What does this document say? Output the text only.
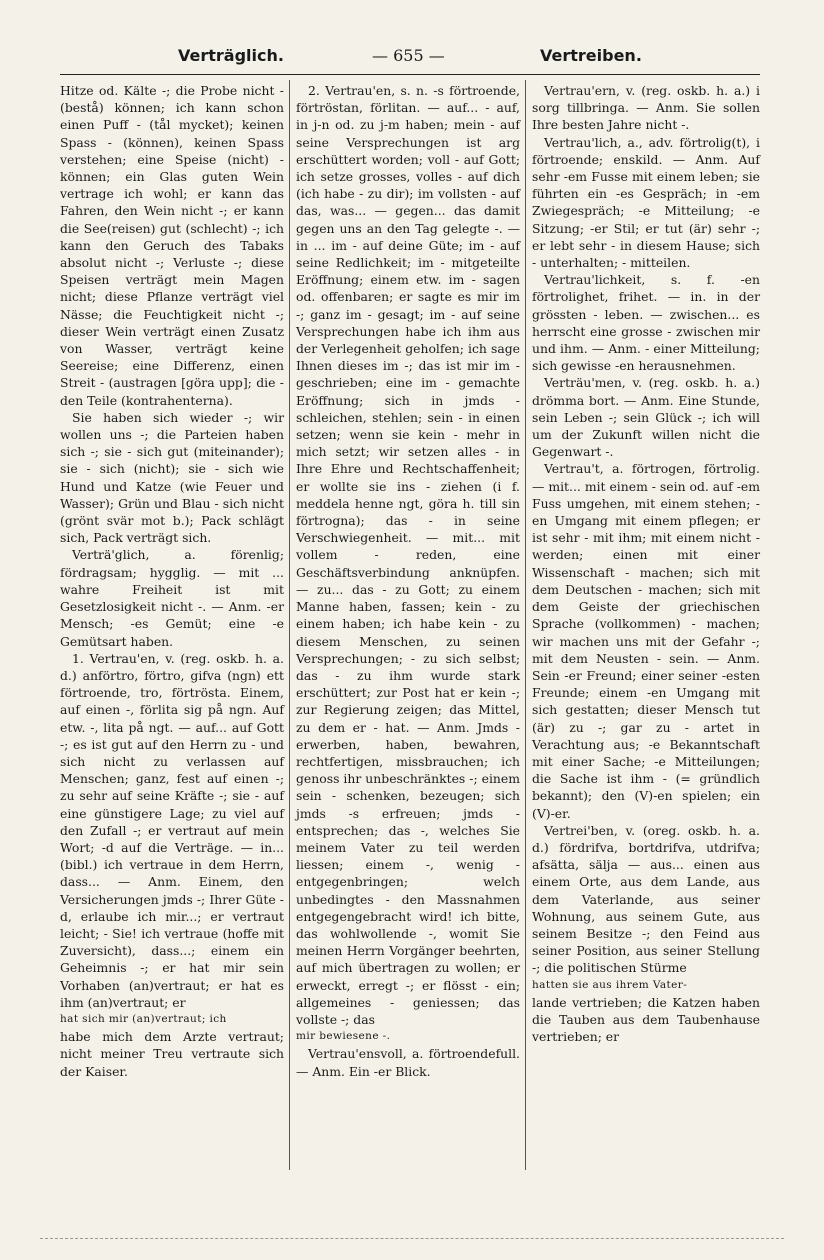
Verträglich.	— 655 —	Vertreiben.

Hitze od. Kälte -; die Probe nicht - (bestå) können; ich kann schon einen Puff - (tål mycket); keinen Spass - (können), keinen Spass verstehen; eine Speise (nicht) - können; ein Glas guten Wein vertrage ich wohl; er kann das Fahren, den Wein nicht -; er kann die See(reisen) gut (schlecht) -; ich kann den Geruch des Tabaks absolut nicht -; Verluste -; diese Speisen verträgt mein Magen nicht; diese Pflanze verträgt viel Nässe; die Feuchtigkeit nicht -; dieser Wein verträgt einen Zusatz von Wasser, verträgt keine Seereise; eine Differenz, einen Streit - (austragen [göra upp]; die -den Teile (kontrahenterna).

Sie haben sich wieder -; wir wollen uns -; die Parteien haben sich -; sie - sich gut (miteinander); sie - sich (nicht); sie - sich wie Hund und Katze (wie Feuer und Wasser); Grün und Blau - sich nicht (grönt svär mot b.); Pack schlägt sich, Pack verträgt sich.

Verträ'glich, a. förenlig; fördragsam; hygglig. — mit ... wahre Freiheit ist mit Gesetzlosigkeit nicht -. — Anm. -er Mensch; -es Gemüt; eine -e Gemütsart haben.

1. Vertrau'en, v. (reg. oskb. h. a. d.) anförtro, förtro, gifva (ngn) ett förtroende, tro, förtrösta. Einem, auf einen -, förlita sig på ngn. Auf etw. -, lita på ngt. — auf... auf Gott -; es ist gut auf den Herrn zu - und sich nicht zu verlassen auf Menschen; ganz, fest auf einen -; zu sehr auf seine Kräfte -; sie - auf eine günstigere Lage; zu viel auf den Zufall -; er vertraut auf mein Wort; -d auf die Verträge. — in... (bibl.) ich vertraue in dem Herrn, dass... — Anm. Einem, den Versicherungen jmds -; Ihrer Güte -d, erlaube ich mir...; er vertraut leicht; - Sie! ich vertraue (hoffe mit Zuversicht), dass...; einem ein Geheimnis -; er hat mir sein Vorhaben (an)vertraut; er hat es ihm (an)vertraut; er

hat sich mir (an)vertraut; ich

habe mich dem Arzte vertraut; nicht meiner Treu vertraute sich der Kaiser.

2. Vertrau'en, s. n. -s förtroende, förtröstan, förlitan. — auf... - auf, in j-n od. zu j-m haben; mein - auf seine Versprechungen ist arg erschüttert worden; voll - auf Gott; ich setze grosses, volles - auf dich (ich habe - zu dir); im vollsten - auf das, was... — gegen... das damit gegen uns an den Tag gelegte -. — in ... im - auf deine Güte; im - auf seine Redlichkeit; im - mitgeteilte Eröffnung; einem etw. im - sagen od. offenbaren; er sagte es mir im -; ganz im - gesagt; im - auf seine Versprechungen habe ich ihm aus der Verlegenheit geholfen; ich sage Ihnen dieses im -; das ist mir im - geschrieben; eine im - gemachte Eröffnung; sich in jmds - schleichen, stehlen; sein - in einen setzen; wenn sie kein - mehr in mich setzt; wir setzen alles - in Ihre Ehre und Rechtschaffenheit; er wollte sie ins - ziehen (i f. meddela henne ngt, göra h. till sin förtrogna); das - in seine Verschwiegenheit. — mit... mit vollem - reden, eine Geschäftsverbindung anknüpfen. — zu... das - zu Gott; zu einem Manne haben, fassen; kein - zu einem haben; ich habe kein - zu diesem Menschen, zu seinen Versprechungen; - zu sich selbst; das - zu ihm wurde stark erschüttert; zur Post hat er kein -; zur Regierung zeigen; das Mittel, zu dem er - hat. — Anm. Jmds - erwerben, haben, bewahren, rechtfertigen, missbrauchen; ich genoss ihr unbeschränktes -; einem sein - schenken, bezeugen; sich jmds -s erfreuen; jmds - entsprechen; das -, welches Sie meinem Vater zu teil werden liessen; einem -, wenig - entgegenbringen; welch unbedingtes - den Massnahmen entgegengebracht wird! ich bitte, das wohlwollende -, womit Sie meinen Herrn Vorgänger beehrten, auf mich übertragen zu wollen; er erweckt, erregt -; er flösst - ein; allgemeines - geniessen; das vollste -; das

mir bewiesene -.

Vertrau'ensvoll, a. förtroendefull. — Anm. Ein -er Blick.

Vertrau'ern, v. (reg. oskb. h. a.) i sorg tillbringa. — Anm. Sie sollen Ihre besten Jahre nicht -.

Vertrau'lich, a., adv. förtrolig(t), i förtroende; enskild. — Anm. Auf sehr -em Fusse mit einem leben; sie führten ein -es Gespräch; in -em Zwiegespräch; -e Mitteilung; -e Sitzung; -er Stil; er tut (är) sehr -; er lebt sehr - in diesem Hause; sich - unterhalten; - mitteilen.

Vertrau'lichkeit, s. f. -en förtrolighet, frihet. — in. in der grössten - leben. — zwischen... es herrscht eine grosse - zwischen mir und ihm. — Anm. - einer Mitteilung; sich gewisse -en herausnehmen.

Verträu'men, v. (reg. oskb. h. a.) drömma bort. — Anm. Eine Stunde, sein Leben -; sein Glück -; ich will um der Zukunft willen nicht die Gegenwart -.

Vertrau't, a. förtrogen, förtrolig. — mit... mit einem - sein od. auf -em Fuss umgehen, mit einem stehen; -en Umgang mit einem pflegen; er ist sehr - mit ihm; mit einem nicht - werden; einen mit einer Wissenschaft - machen; sich mit dem Deutschen - machen; sich mit dem Geiste der griechischen Sprache (vollkommen) - machen; wir machen uns mit der Gefahr -; mit dem Neusten - sein. — Anm. Sein -er Freund; einer seiner -esten Freunde; einem -en Umgang mit sich gestatten; dieser Mensch tut (är) zu -; gar zu - artet in Verachtung aus; -e Bekanntschaft mit einer Sache; -e Mitteilungen; die Sache ist ihm - (= gründlich bekannt); den (V)-en spielen; ein (V)-er.

Vertrei'ben, v. (oreg. oskb. h. a. d.) fördrifva, bortdrifva, utdrifva; afsätta, sälja — aus... einen aus einem Orte, aus dem Lande, aus dem Vaterlande, aus seiner Wohnung, aus seinem Gute, aus seinem Besitze -; den Feind aus seiner Position, aus seiner Stellung -; die politischen Stürme

hatten sie aus ihrem Vater-

lande vertrieben; die Katzen haben die Tauben aus dem Taubenhause vertrieben; er
